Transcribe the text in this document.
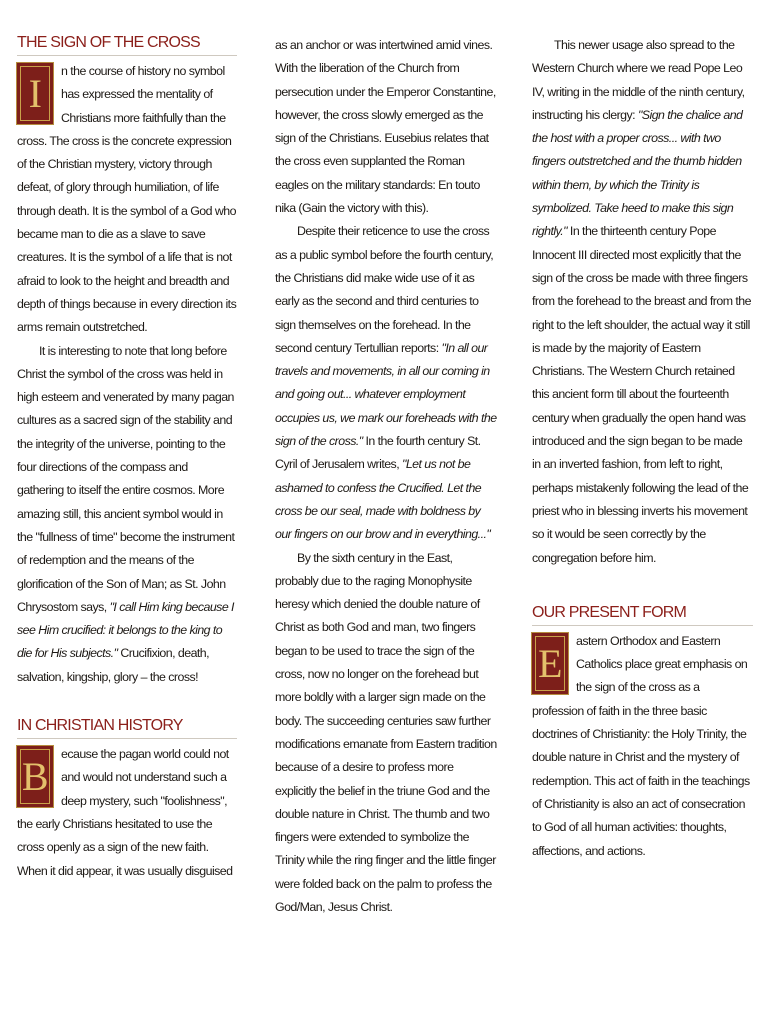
THE SIGN OF THE CROSS

I	n the course of history no symbol has expressed the mentality of Christians more faithfully than the cross. The cross is the concrete expression of the Christian mystery, victory through defeat, of glory through humiliation, of life through death. It is the symbol of a God who became man to die as a slave to save creatures. It is the symbol of a life that is not afraid to look to the height and breadth and depth of things because in every direction its arms remain outstretched.

It is interesting to note that long before Christ the symbol of the cross was held in high esteem and venerated by many pagan cultures as a sacred sign of the stability and the integrity of the universe, pointing to the four directions of the compass and gathering to itself the entire cosmos. More amazing still, this ancient symbol would in the "fullness of time" become the instrument of redemption and the means of the glorification of the Son of Man; as St. John Chrysostom says, "I call Him king because I see Him crucified: it belongs to the king to die for His subjects." Crucifixion, death, salvation, kingship, glory – the cross!

IN CHRISTIAN HISTORY

B	ecause the pagan world could not and would not understand such a deep mystery, such "foolishness", the early Christians hesitated to use the cross openly as a sign of the new faith. When it did appear, it was usually disguised

as an anchor or was intertwined amid vines. With the liberation of the Church from persecution under the Emperor Constantine, however, the cross slowly emerged as the sign of the Christians. Eusebius relates that the cross even supplanted the Roman eagles on the military standards: En touto nika (Gain the victory with this).

Despite their reticence to use the cross as a public symbol before the fourth century, the Christians did make wide use of it as early as the second and third centuries to sign themselves on the forehead. In the second century Tertullian reports: "In all our travels and movements, in all our coming in and going out... whatever employment occupies us, we mark our foreheads with the sign of the cross." In the fourth century St. Cyril of Jerusalem writes, "Let us not be ashamed to confess the Crucified. Let the cross be our seal, made with boldness by our fingers on our brow and in everything..."

By the sixth century in the East, probably due to the raging Monophysite heresy which denied the double nature of Christ as both God and man, two fingers began to be used to trace the sign of the cross, now no longer on the forehead but more boldly with a larger sign made on the body. The succeeding centuries saw further modifications emanate from Eastern tradition because of a desire to profess more explicitly the belief in the triune God and the double nature in Christ. The thumb and two fingers were extended to symbolize the Trinity while the ring finger and the little finger were folded back on the palm to profess the God/Man, Jesus Christ.

This newer usage also spread to the Western Church where we read Pope Leo IV, writing in the middle of the ninth century, instructing his clergy: "Sign the chalice and the host with a proper cross... with two fingers outstretched and the thumb hidden within them, by which the Trinity is symbolized. Take heed to make this sign rightly." In the thirteenth century Pope Innocent III directed most explicitly that the sign of the cross be made with three fingers from the forehead to the breast and from the right to the left shoulder, the actual way it still is made by the majority of Eastern Christians. The Western Church retained this ancient form till about the fourteenth century when gradually the open hand was introduced and the sign began to be made in an inverted fashion, from left to right, perhaps mistakenly following the lead of the priest who in blessing inverts his movement so it would be seen correctly by the congregation before him.

OUR PRESENT FORM

E	astern Orthodox and Eastern Catholics place great emphasis on the sign of the cross as a profession of faith in the three basic doctrines of Christianity: the Holy Trinity, the double nature in Christ and the mystery of redemption. This act of faith in the teachings of Christianity is also an act of consecration to God of all human activities: thoughts, affections, and actions.
